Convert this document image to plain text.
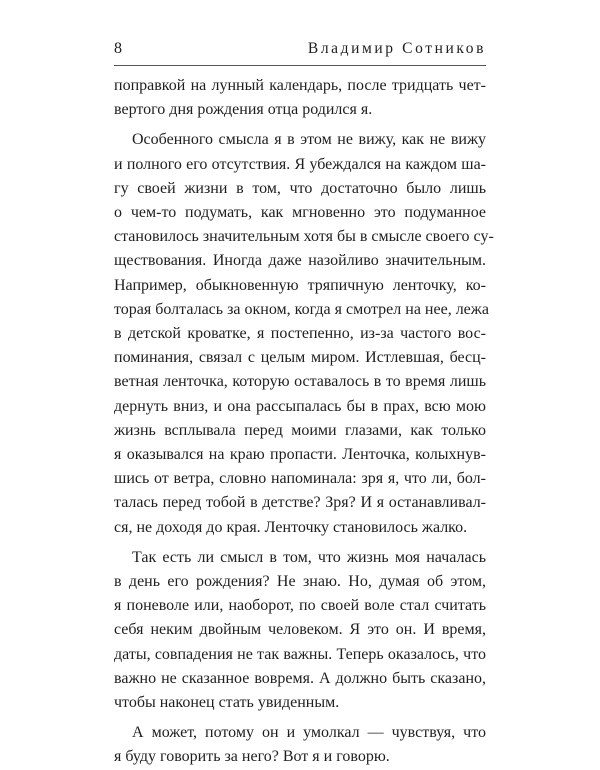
8	Владимир Сотников
поправкой на лунный календарь, после тридцать чет-
вертого дня рождения отца родился я.
Особенного смысла я в этом не вижу, как не вижу
и полного его отсутствия. Я убеждался на каждом ша-
гу своей жизни в том, что достаточно было лишь
о чем-то подумать, как мгновенно это подуманное
становилось значительным хотя бы в смысле своего су-
ществования. Иногда даже назойливо значительным.
Например, обыкновенную тряпичную ленточку, ко-
торая болталась за окном, когда я смотрел на нее, лежа
в детской кроватке, я постепенно, из-за частого вос-
поминания, связал с целым миром. Истлевшая, бесц-
ветная ленточка, которую оставалось в то время лишь
дернуть вниз, и она рассыпалась бы в прах, всю мою
жизнь всплывала перед моими глазами, как только
я оказывался на краю пропасти. Ленточка, колыхнув-
шись от ветра, словно напоминала: зря я, что ли, бол-
талась перед тобой в детстве? Зря? И я останавливал-
ся, не доходя до края. Ленточку становилось жалко.
Так есть ли смысл в том, что жизнь моя началась
в день его рождения? Не знаю. Но, думая об этом,
я поневоле или, наоборот, по своей воле стал считать
себя неким двойным человеком. Я это он. И время,
даты, совпадения не так важны. Теперь оказалось, что
важно не сказанное вовремя. А должно быть сказано,
чтобы наконец стать увиденным.
А может, потому он и умолкал — чувствуя, что
я буду говорить за него? Вот я и говорю.
